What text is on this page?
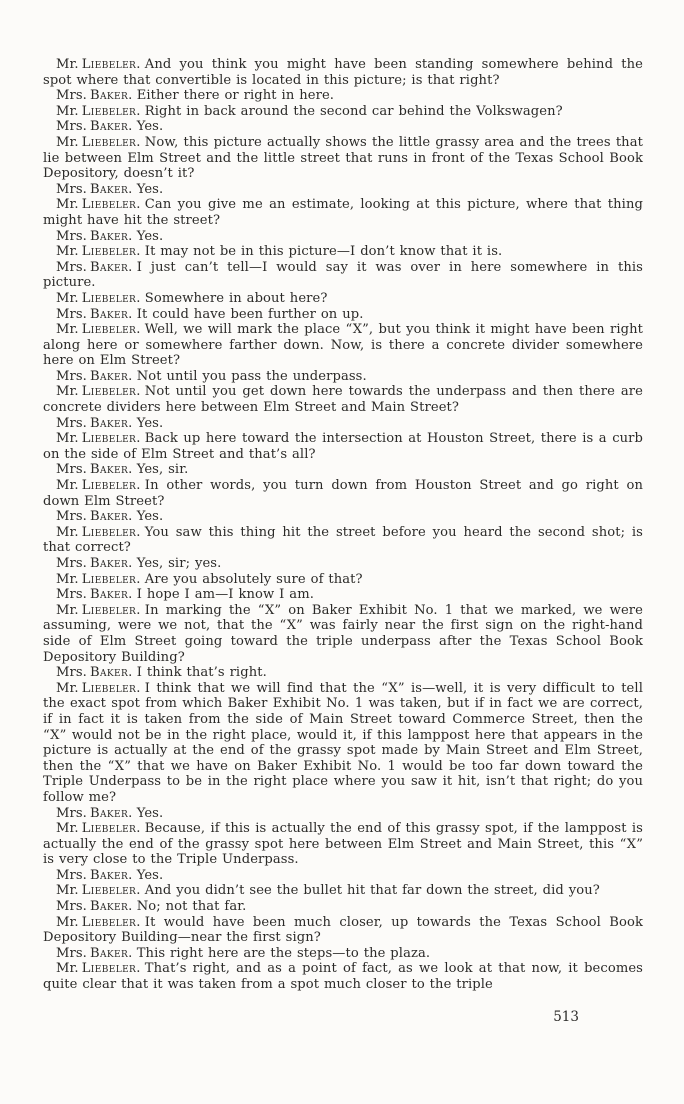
Mr. Liebeler. And you think you might have been standing somewhere behind the spot where that convertible is located in this picture; is that right?

Mrs. Baker. Either there or right in here.

Mr. Liebeler. Right in back around the second car behind the Volkswagen?

Mrs. Baker. Yes.

Mr. Liebeler. Now, this picture actually shows the little grassy area and the trees that lie between Elm Street and the little street that runs in front of the Texas School Book Depository, doesn’t it?

Mrs. Baker. Yes.

Mr. Liebeler. Can you give me an estimate, looking at this picture, where that thing might have hit the street?

Mrs. Baker. Yes.

Mr. Liebeler. It may not be in this picture—I don’t know that it is.

Mrs. Baker. I just can’t tell—I would say it was over in here somewhere in this picture.

Mr. Liebeler. Somewhere in about here?

Mrs. Baker. It could have been further on up.

Mr. Liebeler. Well, we will mark the place “X”, but you think it might have been right along here or somewhere farther down. Now, is there a concrete divider somewhere here on Elm Street?

Mrs. Baker. Not until you pass the underpass.

Mr. Liebeler. Not until you get down here towards the underpass and then there are concrete dividers here between Elm Street and Main Street?

Mrs. Baker. Yes.

Mr. Liebeler. Back up here toward the intersection at Houston Street, there is a curb on the side of Elm Street and that’s all?

Mrs. Baker. Yes, sir.

Mr. Liebeler. In other words, you turn down from Houston Street and go right on down Elm Street?

Mrs. Baker. Yes.

Mr. Liebeler. You saw this thing hit the street before you heard the second shot; is that correct?

Mrs. Baker. Yes, sir; yes.

Mr. Liebeler. Are you absolutely sure of that?

Mrs. Baker. I hope I am—I know I am.

Mr. Liebeler. In marking the “X” on Baker Exhibit No. 1 that we marked, we were assuming, were we not, that the “X” was fairly near the first sign on the right-hand side of Elm Street going toward the triple underpass after the Texas School Book Depository Building?

Mrs. Baker. I think that’s right.

Mr. Liebeler. I think that we will find that the “X” is—well, it is very difficult to tell the exact spot from which Baker Exhibit No. 1 was taken, but if in fact we are correct, if in fact it is taken from the side of Main Street toward Commerce Street, then the “X” would not be in the right place, would it, if this lamppost here that appears in the picture is actually at the end of the grassy spot made by Main Street and Elm Street, then the “X” that we have on Baker Exhibit No. 1 would be too far down toward the Triple Underpass to be in the right place where you saw it hit, isn’t that right; do you follow me?

Mrs. Baker. Yes.

Mr. Liebeler. Because, if this is actually the end of this grassy spot, if the lamppost is actually the end of the grassy spot here between Elm Street and Main Street, this “X” is very close to the Triple Underpass.

Mrs. Baker. Yes.

Mr. Liebeler. And you didn’t see the bullet hit that far down the street, did you?

Mrs. Baker. No; not that far.

Mr. Liebeler. It would have been much closer, up towards the Texas School Book Depository Building—near the first sign?

Mrs. Baker. This right here are the steps—to the plaza.

Mr. Liebeler. That’s right, and as a point of fact, as we look at that now, it becomes quite clear that it was taken from a spot much closer to the triple

513
